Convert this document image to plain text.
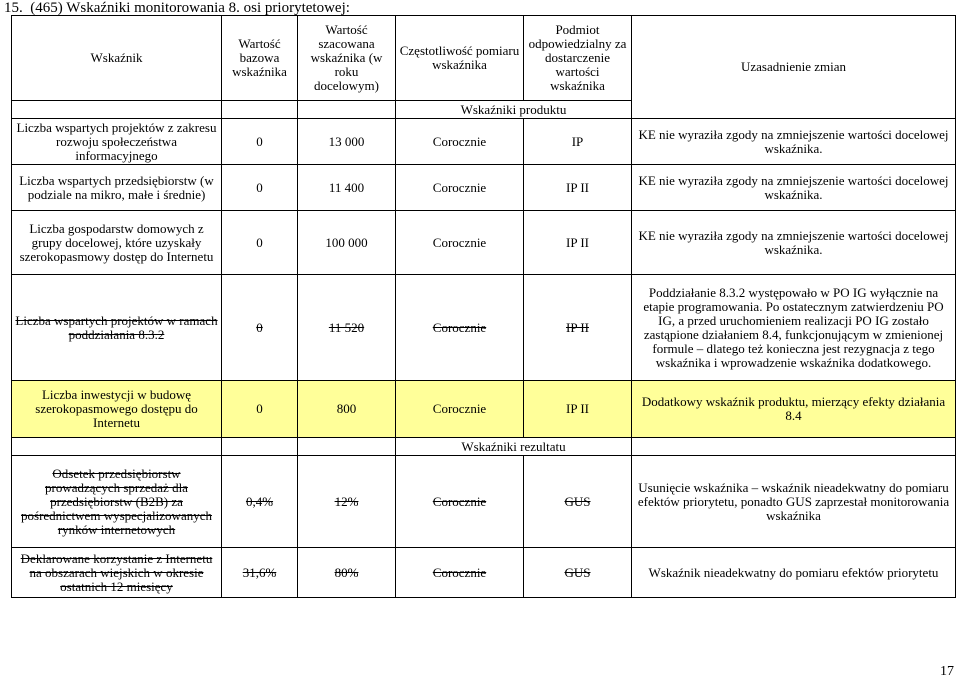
15.  (465) Wskaźniki monitorowania 8. osi priorytetowej:
Wskaźnik	Wartość bazowa wskaźnika	Wartość szacowana wskaźnika (w roku docelowym)	Częstotliwość pomiaru wskaźnika	Podmiot odpowiedzialny za dostarczenie wartości wskaźnika	Uzasadnienie zmian
			Wskaźniki produktu		
Liczba wspartych projektów z zakresu rozwoju społeczeństwa informacyjnego	0	13 000	Corocznie	IP	KE nie wyraziła zgody na zmniejszenie wartości docelowej wskaźnika.
Liczba wspartych przedsiębiorstw (w podziale na mikro, małe i średnie)	0	11 400	Corocznie	IP II	KE nie wyraziła zgody na zmniejszenie wartości docelowej wskaźnika.
Liczba gospodarstw domowych z grupy docelowej, które uzyskały szerokopasmowy dostęp do Internetu	0	100 000	Corocznie	IP II	KE nie wyraziła zgody na zmniejszenie wartości docelowej wskaźnika.
Liczba wspartych projektów w ramach poddziałania 8.3.2	0	11 520	Corocznie	IP II	Poddziałanie 8.3.2 występowało w PO IG wyłącznie na etapie programowania. Po ostatecznym zatwierdzeniu PO IG, a przed uruchomieniem realizacji PO IG zostało zastąpione działaniem 8.4, funkcjonującym w zmienionej formule – dlatego też konieczna jest rezygnacja z tego wskaźnika i wprowadzenie wskaźnika dodatkowego.
Liczba inwestycji w budowę szerokopasmowego dostępu do Internetu	0	800	Corocznie	IP II	Dodatkowy wskaźnik produktu, mierzący efekty działania 8.4
			Wskaźniki rezultatu		
Odsetek przedsiębiorstw prowadzących sprzedaż dla przedsiębiorstw (B2B) za pośrednictwem wyspecjalizowanych rynków internetowych	0,4%	12%	Corocznie	GUS	Usunięcie wskaźnika – wskaźnik nieadekwatny do pomiaru efektów priorytetu, ponadto GUS zaprzestał monitorowania wskaźnika
Deklarowane korzystanie z Internetu na obszarach wiejskich w okresie ostatnich 12 miesięcy	31,6%	80%	Corocznie	GUS	Wskaźnik nieadekwatny do pomiaru efektów priorytetu
17
